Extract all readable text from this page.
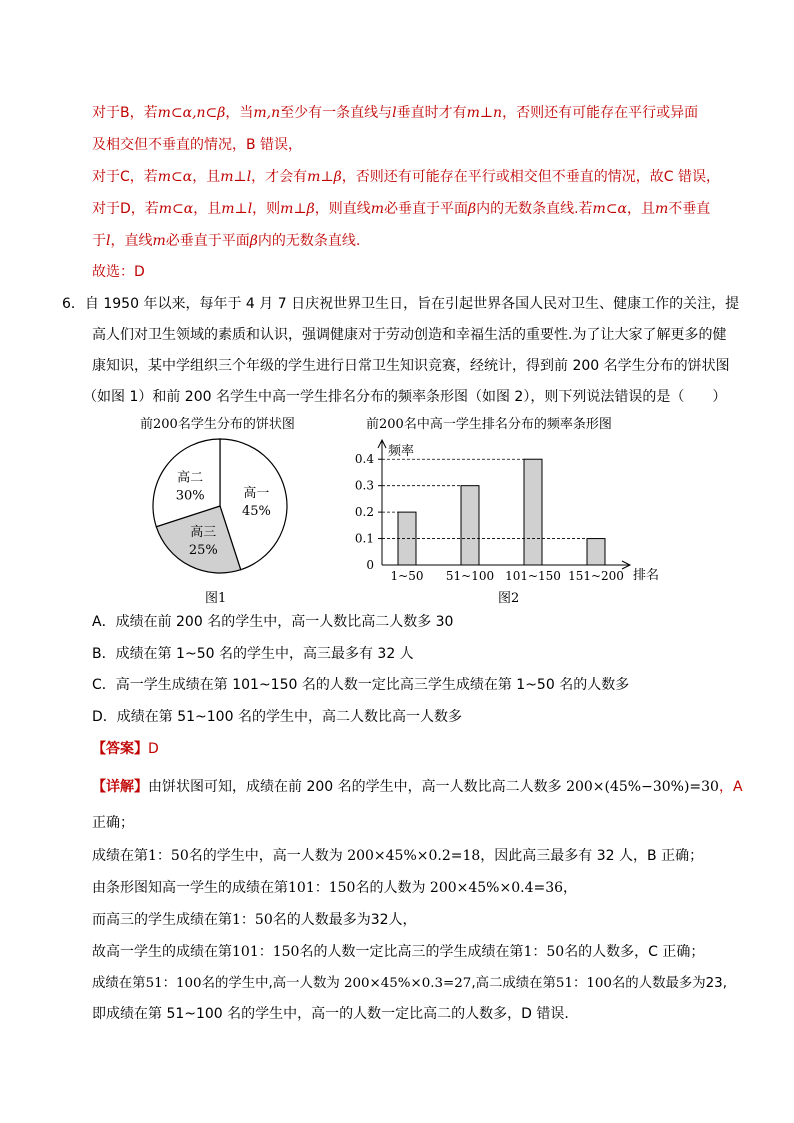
对于B，若m⊂α,n⊂β，当m,n至少有一条直线与l垂直时才有m⊥n，否则还有可能存在平行或异面
及相交但不垂直的情况，B 错误，
对于C，若m⊂α，且m⊥l，才会有m⊥β，否则还有可能存在平行或相交但不垂直的情况，故C 错误，
对于D，若m⊂α，且m⊥l，则m⊥β，则直线m必垂直于平面β内的无数条直线.若m⊂α，且m不垂直
于l，直线m必垂直于平面β内的无数条直线.
故选：D
6．自 1950 年以来，每年于 4 月 7 日庆祝世界卫生日，旨在引起世界各国人民对卫生、健康工作的关注，提
高人们对卫生领域的素质和认识，强调健康对于劳动创造和幸福生活的重要性.为了让大家了解更多的健
康知识，某中学组织三个年级的学生进行日常卫生知识竞赛，经统计，得到前 200 名学生分布的饼状图
（如图 1）和前 200 名学生中高一学生排名分布的频率条形图（如图 2），则下列说法错误的是（　　）
前200名学生分布的饼状图
高一
45%
高二
30%
高三
25%
图1
前200名中高一学生排名分布的频率条形图
频率
排名
0
0.1
0.2
0.3
0.4
1~50 51~100 101~150 151~200
图2
A．成绩在前 200 名的学生中，高一人数比高二人数多 30
B．成绩在第 1~50 名的学生中，高三最多有 32 人
C．高一学生成绩在第 101~150 名的人数一定比高三学生成绩在第 1~50 名的人数多
D．成绩在第 51~100 名的学生中，高二人数比高一人数多
【答案】D
【详解】由饼状图可知，成绩在前 200 名的学生中，高一人数比高二人数多 200×(45%−30%)=30，A
正确；
成绩在第1：50名的学生中，高一人数为 200×45%×0.2=18，因此高三最多有 32 人，B 正确；
由条形图知高一学生的成绩在第101：150名的人数为 200×45%×0.4=36，
而高三的学生成绩在第1：50名的人数最多为32人，
故高一学生的成绩在第101：150名的人数一定比高三的学生成绩在第1：50名的人数多，C 正确；
成绩在第51：100名的学生中,高一人数为 200×45%×0.3=27,高二成绩在第51：100名的人数最多为23,
即成绩在第 51~100 名的学生中，高一的人数一定比高二的人数多，D 错误.
